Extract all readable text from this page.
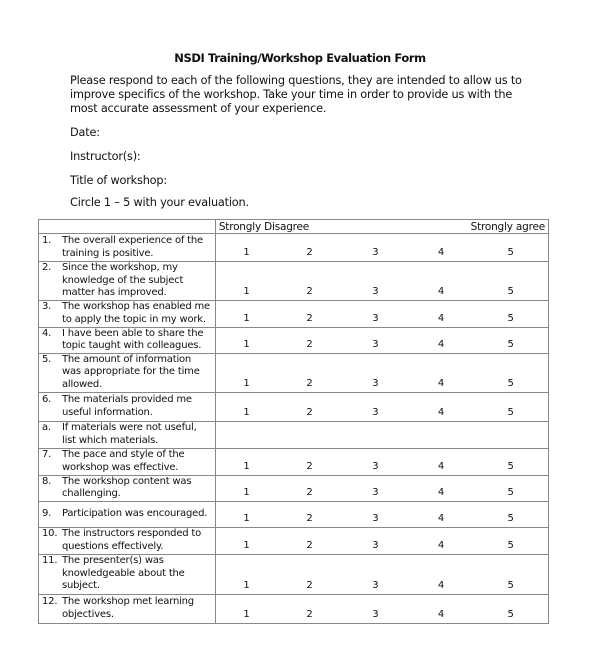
NSDI Training/Workshop Evaluation Form
Please respond to each of the following questions, they are intended to allow us to improve specifics of the workshop. Take your time in order to provide us with the most accurate assessment of your experience.
Date:
Instructor(s):
Title of workshop:
Circle 1 – 5 with your evaluation.
	Strongly Disagree			Strongly agree	

1. The overall experience of the training is positive.	1	2	3	4	5

2. Since the workshop, my knowledge of the subject matter has improved.	1	2	3	4	5

3. The workshop has enabled me to apply the topic in my work.	1	2	3	4	5

4. I have been able to share the topic taught with colleagues.	1	2	3	4	5

5. The amount of information was appropriate for the time allowed.	1	2	3	4	5

6. The materials provided me useful information.	1	2	3	4	5

a. If materials were not useful, list which materials.					

7. The pace and style of the workshop was effective.	1	2	3	4	5

8. The workshop content was challenging.	1	2	3	4	5

9. Participation was encouraged.	1	2	3	4	5

10. The instructors responded to questions effectively.	1	2	3	4	5

11. The presenter(s) was knowledgeable about the subject.	1	2	3	4	5

12. The workshop met learning objectives.	1	2	3	4	5
